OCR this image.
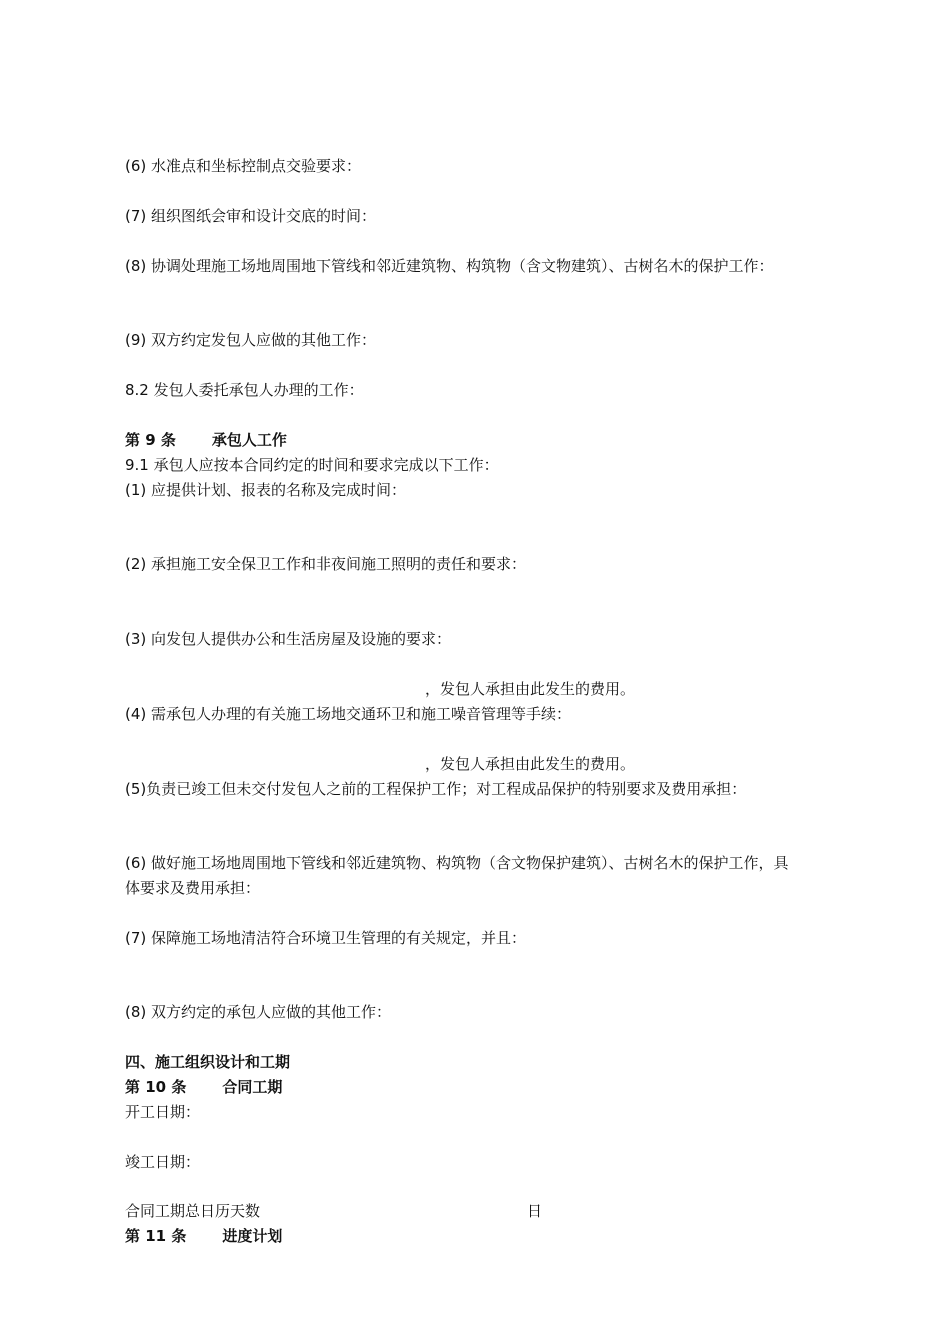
(6) 水准点和坐标控制点交验要求：
(7) 组织图纸会审和设计交底的时间：
(8) 协调处理施工场地周围地下管线和邻近建筑物、构筑物（含文物建筑）、古树名木的保护工作：
(9) 双方约定发包人应做的其他工作：
8.2 发包人委托承包人办理的工作：
第 9 条 承包人工作
9.1 承包人应按本合同约定的时间和要求完成以下工作：
(1) 应提供计划、报表的名称及完成时间：
(2) 承担施工安全保卫工作和非夜间施工照明的责任和要求：
(3) 向发包人提供办公和生活房屋及设施的要求：
，发包人承担由此发生的费用。
(4) 需承包人办理的有关施工场地交通环卫和施工噪音管理等手续：
，发包人承担由此发生的费用。
(5)负责已竣工但未交付发包人之前的工程保护工作；对工程成品保护的特别要求及费用承担：
(6) 做好施工场地周围地下管线和邻近建筑物、构筑物（含文物保护建筑）、古树名木的保护工作，具
体要求及费用承担：
(7) 保障施工场地清洁符合环境卫生管理的有关规定，并且：
(8) 双方约定的承包人应做的其他工作：
四、施工组织设计和工期
第 10 条 合同工期
开工日期：
竣工日期：
合同工期总日历天数	日
第 11 条 进度计划
